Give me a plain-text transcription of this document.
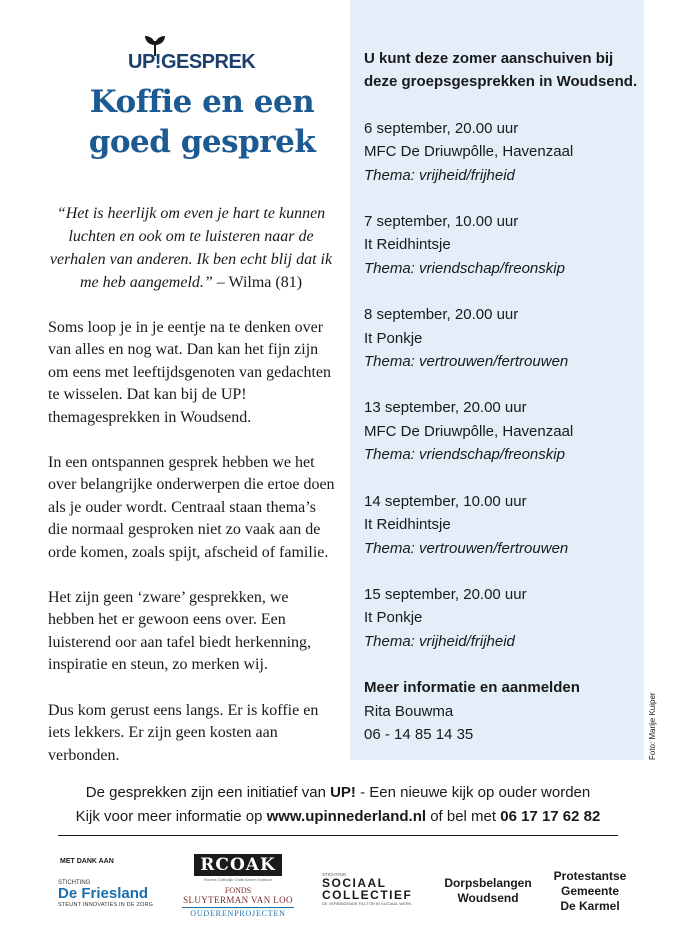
UP!GESPREK
Koffie en een
goed gesprek
“Het is heerlijk om even je hart te kunnen luchten en ook om te luisteren naar de verhalen van anderen. Ik ben echt blij dat ik me heb aangemeld.” – Wilma (81)

Soms loop je in je eentje na te denken over van alles en nog wat. Dan kan het fijn zijn om eens met leeftijdsgenoten van gedachten te wisselen. Dat kan bij de UP! themagesprekken in Woudsend.

In een ontspannen gesprek hebben we het over belangrijke onderwerpen die ertoe doen als je ouder wordt. Centraal staan thema’s die normaal gesproken niet zo vaak aan de orde komen, zoals spijt, afscheid of familie.

Het zijn geen ‘zware’ gesprekken, we hebben het er gewoon eens over. Een luisterend oor aan tafel biedt herkenning, inspiratie en steun, zo merken wij.

Dus kom gerust eens langs. Er is koffie en iets lekkers. Er zijn geen kosten aan verbonden.

U kunt deze zomer aanschuiven bij deze groepsgesprekken in Woudsend.
6 september, 20.00 uur
MFC De Driuwpôlle, Havenzaal
Thema: vrijheid/frijheid
7 september, 10.00 uur
It Reidhintsje
Thema: vriendschap/freonskip
8 september, 20.00 uur
It Ponkje
Thema: vertrouwen/fertrouwen
13 september, 20.00 uur
MFC De Driuwpôlle, Havenzaal
Thema: vriendschap/freonskip
14 september, 10.00 uur
It Reidhintsje
Thema: vertrouwen/fertrouwen
15 september, 20.00 uur
It Ponkje
Thema: vrijheid/frijheid
Meer informatie en aanmelden
Rita Bouwma
06 - 14 85 14 35	Foto: Marije Kuiper
De gesprekken zijn een initiatief van UP! - Een nieuwe kijk op ouder worden
Kijk voor meer informatie op www.upinnederland.nl of bel met 06 17 17 62 82
MET DANK AAN
STICHTING
De Friesland
STEUNT INNOVATIES IN DE ZORG
RCOAK
Rooms Catholijk Oude Armen Kantoor
FONDS
SLUYTERMAN VAN LOO
OUDERENPROJECTEN
STICHTING
SOCIAAL
COLLECTIEF
DE VERBINDENDE FACTOR IN SOCIAAL WERK
Dorpsbelangen
Woudsend
Protestantse
Gemeente
De Karmel
